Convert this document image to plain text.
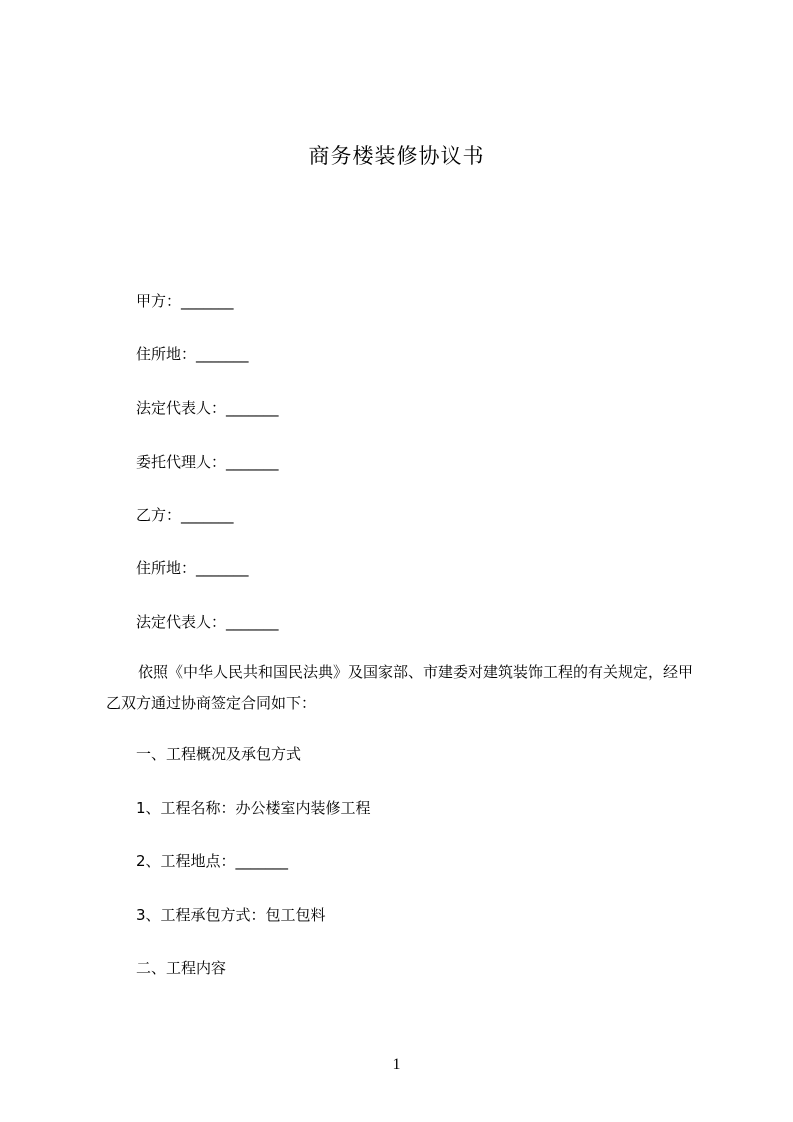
商务楼装修协议书
甲方：_______
住所地：_______
法定代表人：_______
委托代理人：_______
乙方：_______
住所地：_______
法定代表人：_______
依照《中华人民共和国民法典》及国家部、市建委对建筑装饰工程的有关规定，经甲乙双方通过协商签定合同如下：
一、工程概况及承包方式
1、工程名称：办公楼室内装修工程
2、工程地点：_______
3、工程承包方式：包工包料
二、工程内容
1
